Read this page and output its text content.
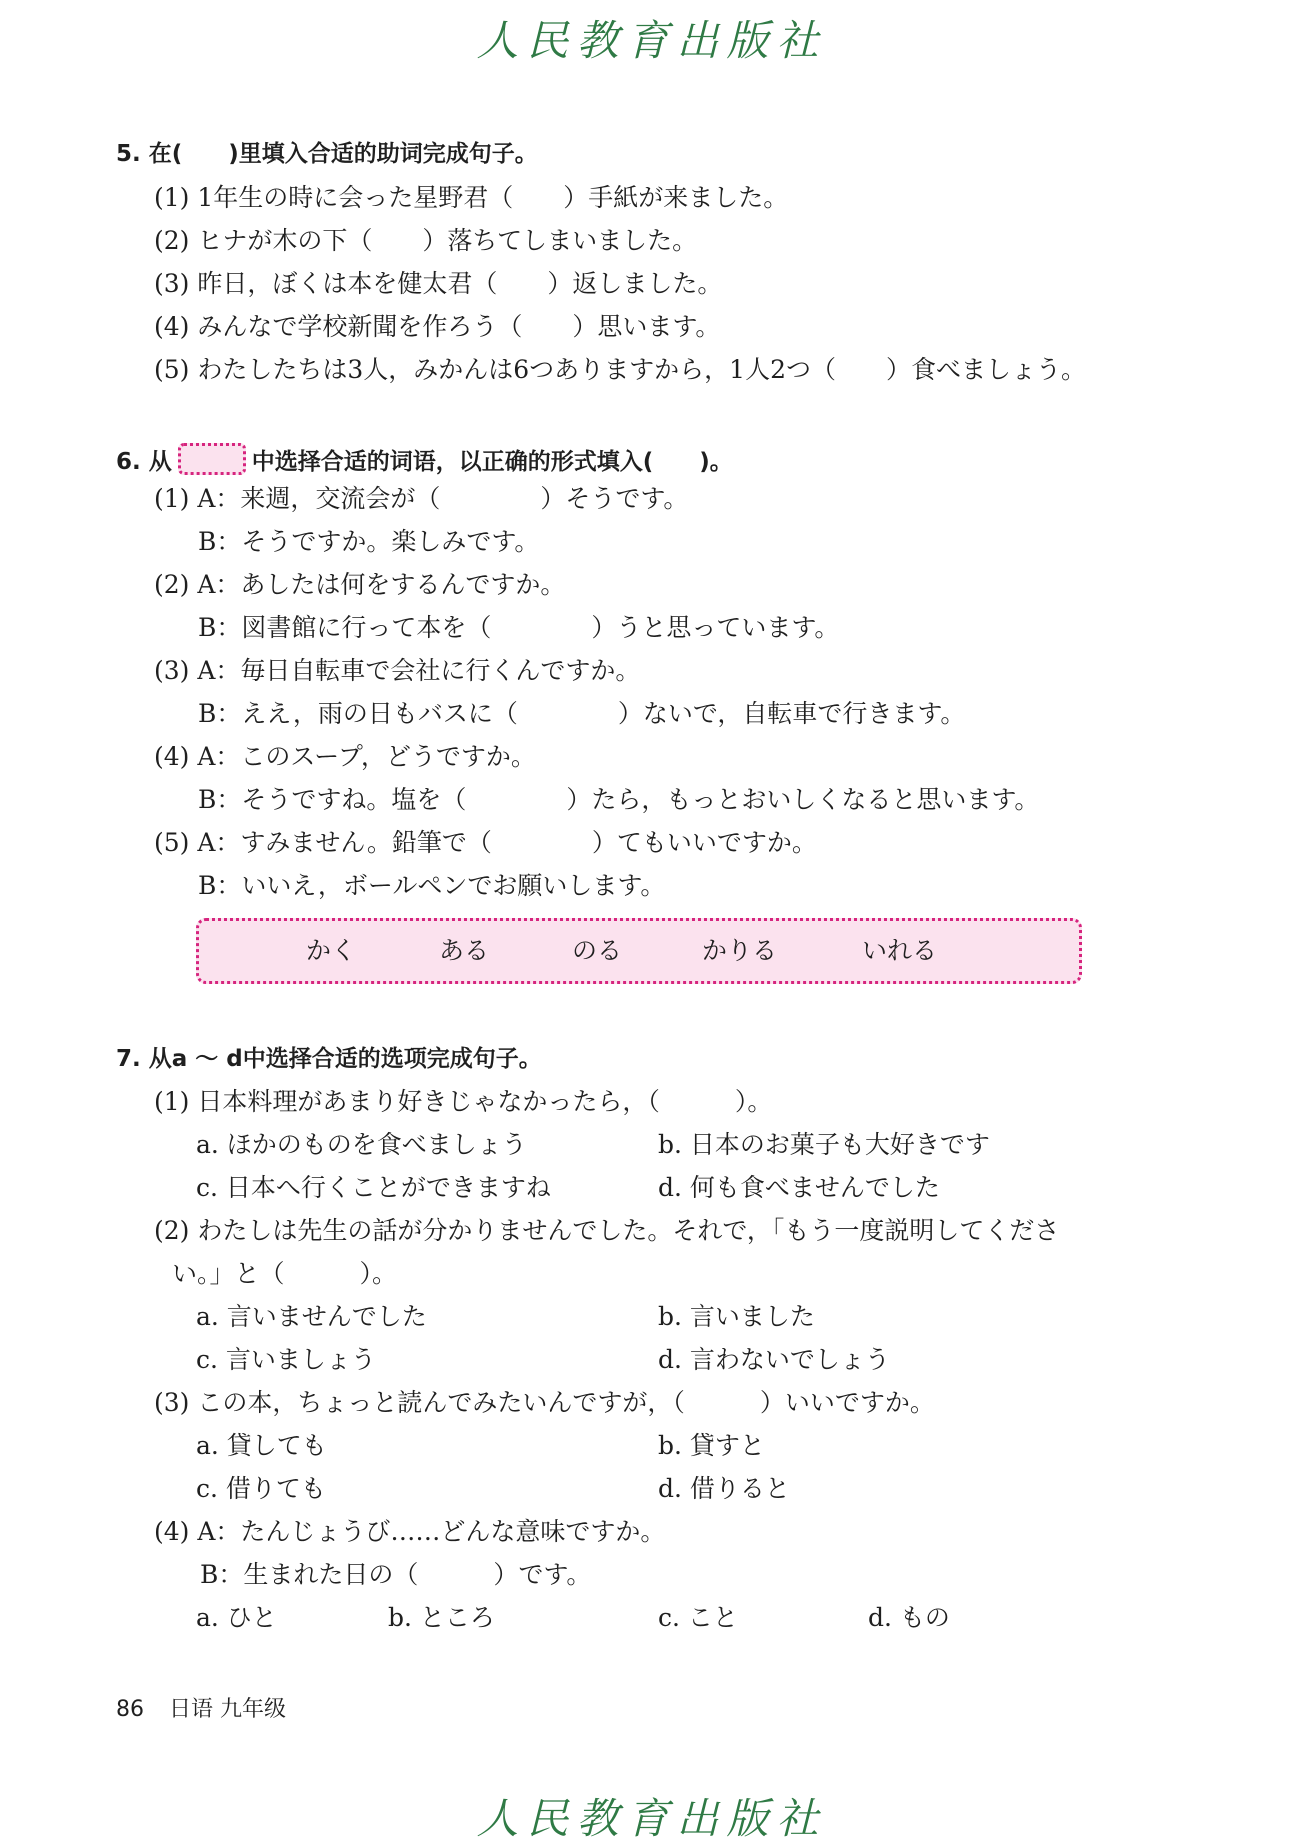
人民教育出版社
5. 在(　　)里填入合适的助词完成句子。
(1) 1年生の時に会った星野君（　　）手紙が来ました。
(2) ヒナが木の下（　　）落ちてしまいました。
(3) 昨日，ぼくは本を健太君（　　）返しました。
(4) みんなで学校新聞を作ろう（　　）思います。
(5) わたしたちは3人，みかんは6つありますから，1人2つ（　　）食べましょう。
6. 从	中选择合适的词语，以正确的形式填入(　　)。
(1) A：来週，交流会が（　　　　）そうです。
B：そうですか。楽しみです。
(2) A：あしたは何をするんですか。
B：図書館に行って本を（　　　　）うと思っています。
(3) A：毎日自転車で会社に行くんですか。
B：ええ，雨の日もバスに（　　　　）ないで，自転車で行きます。
(4) A：このスープ，どうですか。
B：そうですね。塩を（　　　　）たら，もっとおいしくなると思います。
(5) A：すみません。鉛筆で（　　　　）てもいいですか。
B：いいえ，ボールペンでお願いします。
かく	ある	のる	かりる	いれる
7. 从a ～ d中选择合适的选项完成句子。
(1) 日本料理があまり好きじゃなかったら，（　　　）。
a. ほかのものを食べましょう	b. 日本のお菓子も大好きです
c. 日本へ行くことができますね	d. 何も食べませんでした
(2) わたしは先生の話が分かりませんでした。それで，「もう一度説明してくださ
い。」と（　　　）。
a. 言いませんでした	b. 言いました
c. 言いましょう	d. 言わないでしょう
(3) この本，ちょっと読んでみたいんですが，（　　　）いいですか。
a. 貸しても	b. 貸すと
c. 借りても	d. 借りると
(4) A：たんじょうび……どんな意味ですか。
B：生まれた日の（　　　）です。
a. ひと	b. ところ	c. こと	d. もの
86 日语 九年级
人民教育出版社
